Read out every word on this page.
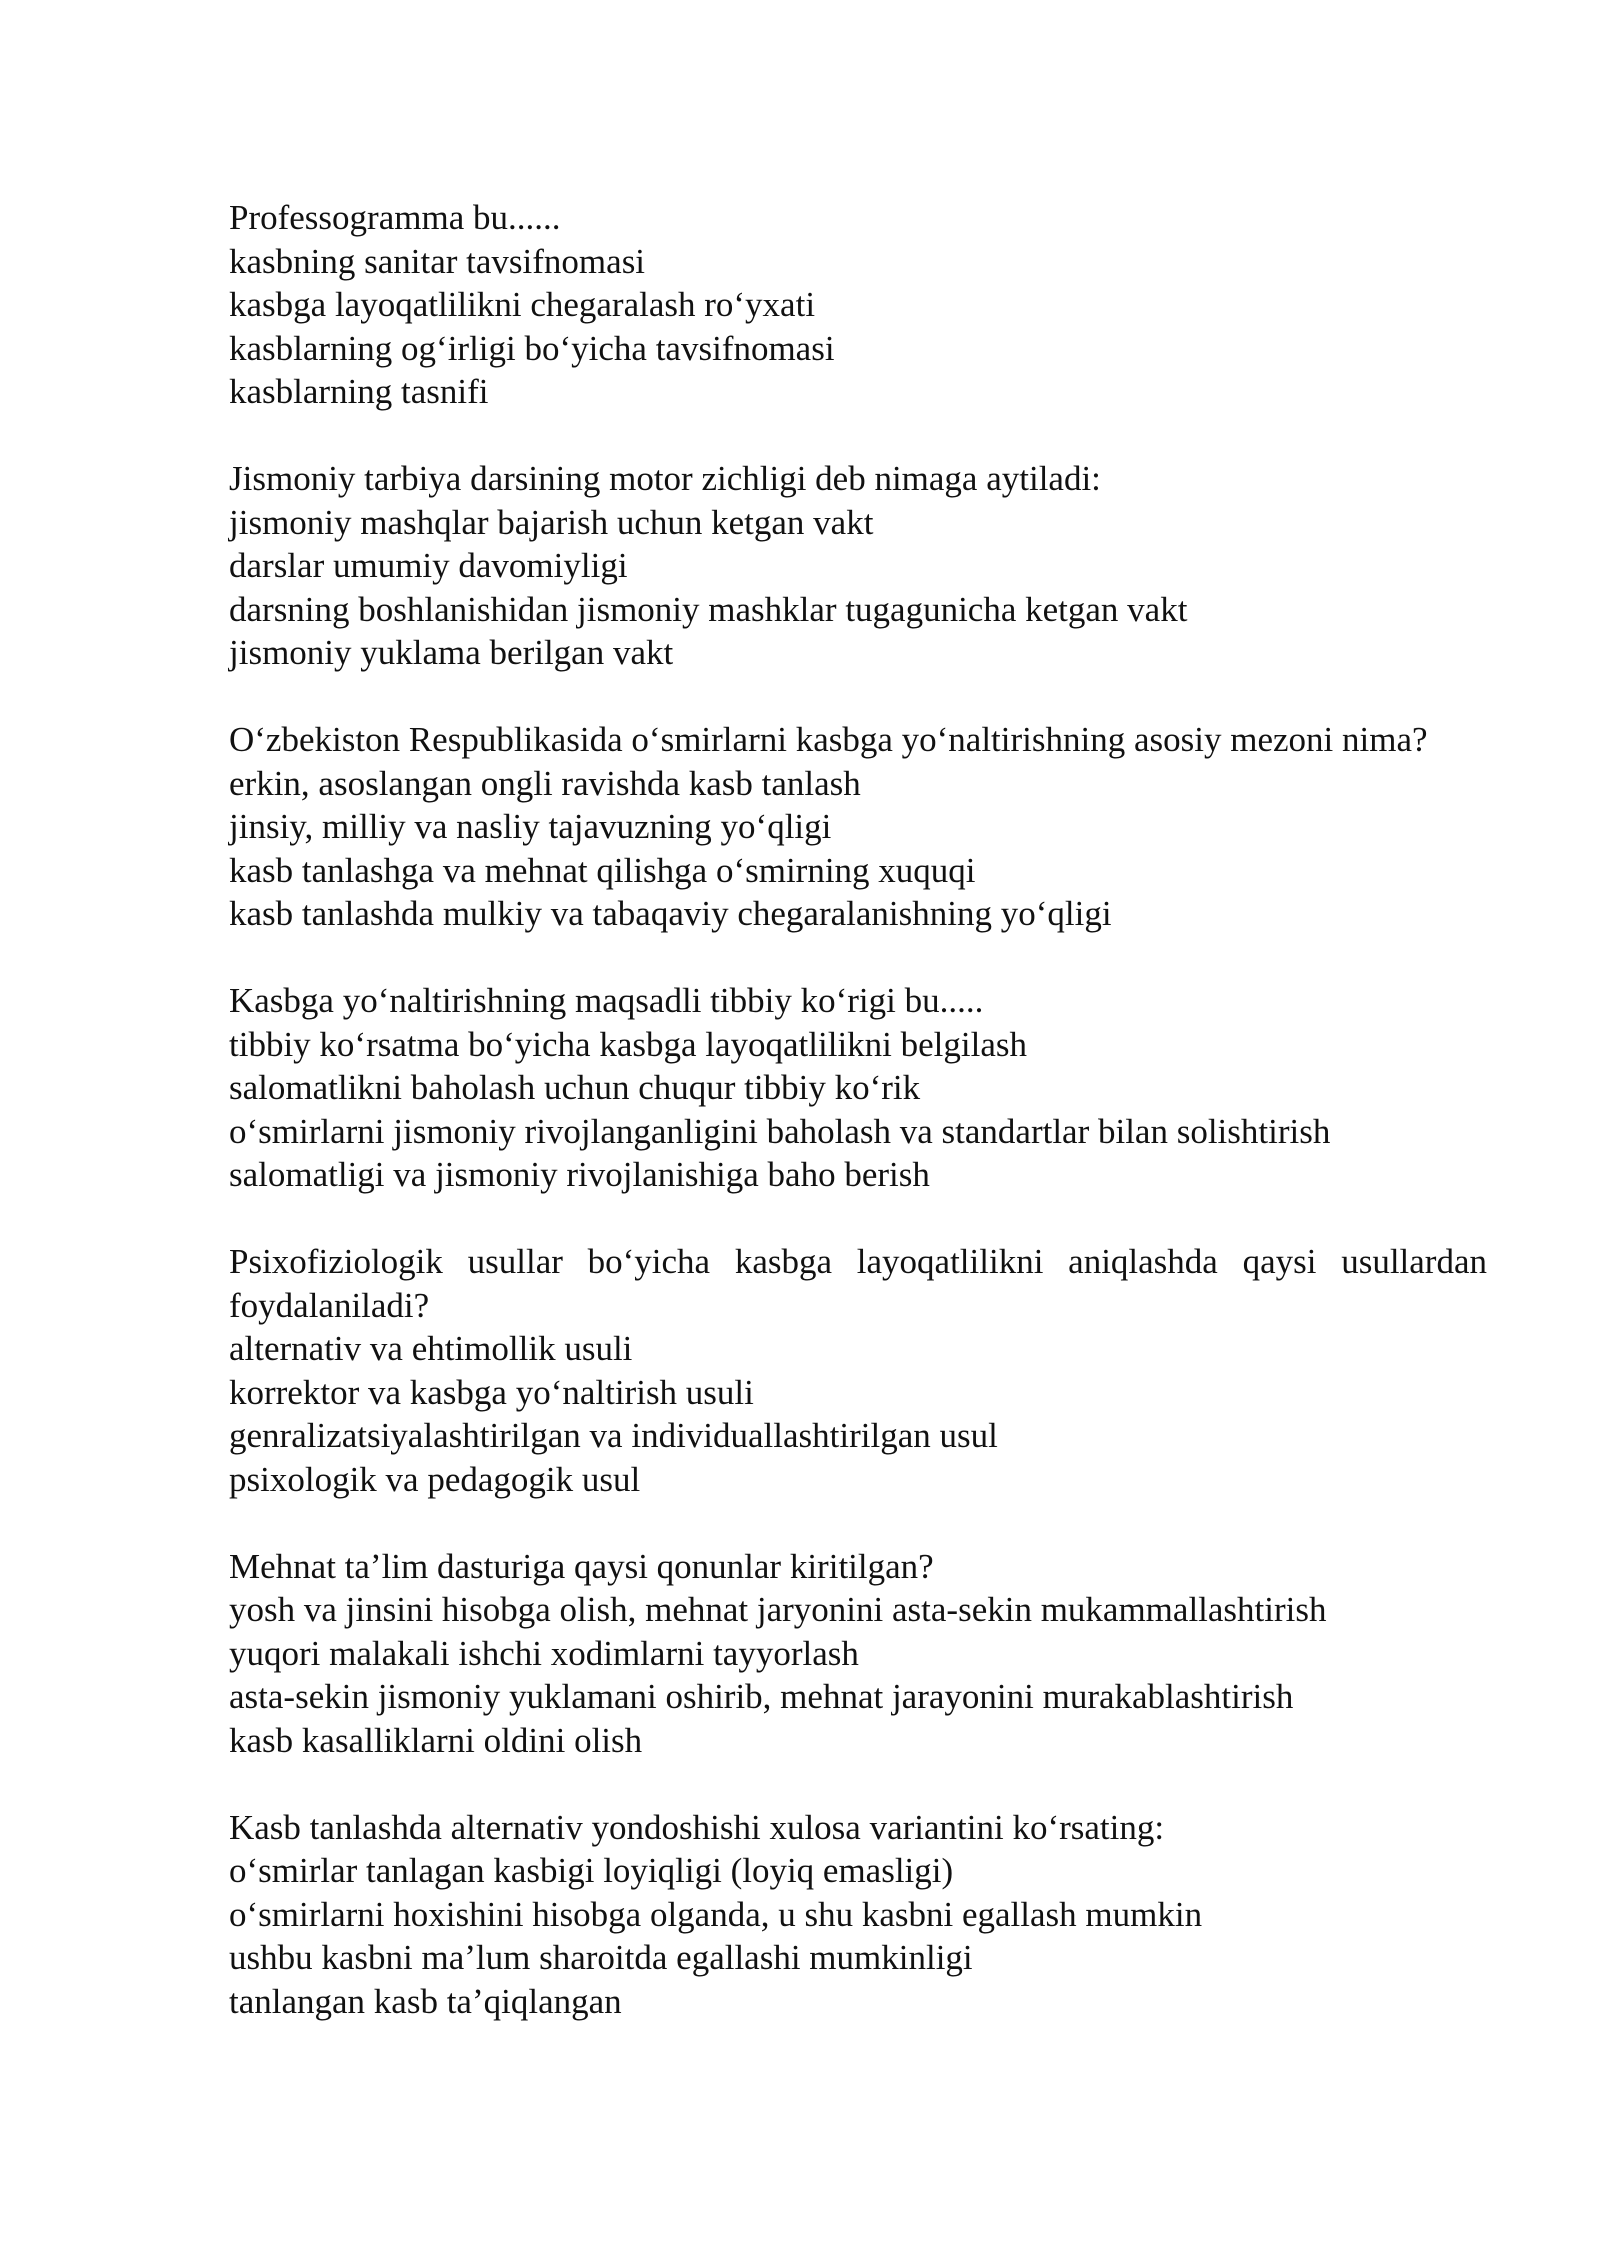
Professogramma bu......
kasbning sanitar tavsifnomasi
kasbga layoqatlilikni chegaralash roʻyxati
kasblarning ogʻirligi boʻyicha tavsifnomasi
kasblarning tasnifi
Jismoniy tarbiya darsining motor zichligi deb nimaga aytiladi:
jismoniy mashqlar bajarish uchun ketgan vakt
darslar umumiy davomiyligi
darsning boshlanishidan jismoniy mashklar tugagunicha ketgan vakt
jismoniy yuklama berilgan vakt
Oʻzbekiston Respublikasida oʻsmirlarni kasbga yoʻnaltirishning asosiy mezoni nima?
erkin, asoslangan ongli ravishda kasb tanlash
jinsiy, milliy va nasliy tajavuzning yoʻqligi
kasb tanlashga va mehnat qilishga oʻsmirning xuquqi
kasb tanlashda mulkiy va tabaqaviy chegaralanishning yoʻqligi
Kasbga yoʻnaltirishning maqsadli tibbiy koʻrigi bu.....
tibbiy koʻrsatma boʻyicha kasbga layoqatlilikni belgilash
salomatlikni baholash uchun chuqur tibbiy koʻrik
oʻsmirlarni jismoniy rivojlanganligini baholash va standartlar bilan solishtirish
salomatligi va jismoniy rivojlanishiga baho berish
Psixofiziologik usullar boʻyicha kasbga layoqatlilikni aniqlashda qaysi usullardan foydalaniladi?
alternativ va ehtimollik usuli
korrektor va kasbga yoʻnaltirish usuli
genralizatsiyalashtirilgan va individuallashtirilgan usul
psixologik va pedagogik usul
Mehnat taʼlim dasturiga qaysi qonunlar kiritilgan?
yosh va jinsini hisobga olish, mehnat jaryonini asta-sekin mukammallashtirish
yuqori malakali ishchi xodimlarni tayyorlash
asta-sekin jismoniy yuklamani oshirib, mehnat jarayonini murakablashtirish
kasb kasalliklarni oldini olish
Kasb tanlashda alternativ yondoshishi xulosa variantini koʻrsating:
oʻsmirlar tanlagan kasbigi loyiqligi (loyiq emasligi)
oʻsmirlarni hoxishini hisobga olganda, u shu kasbni egallash mumkin
ushbu kasbni maʼlum sharoitda egallashi mumkinligi
tanlangan kasb taʼqiqlangan
